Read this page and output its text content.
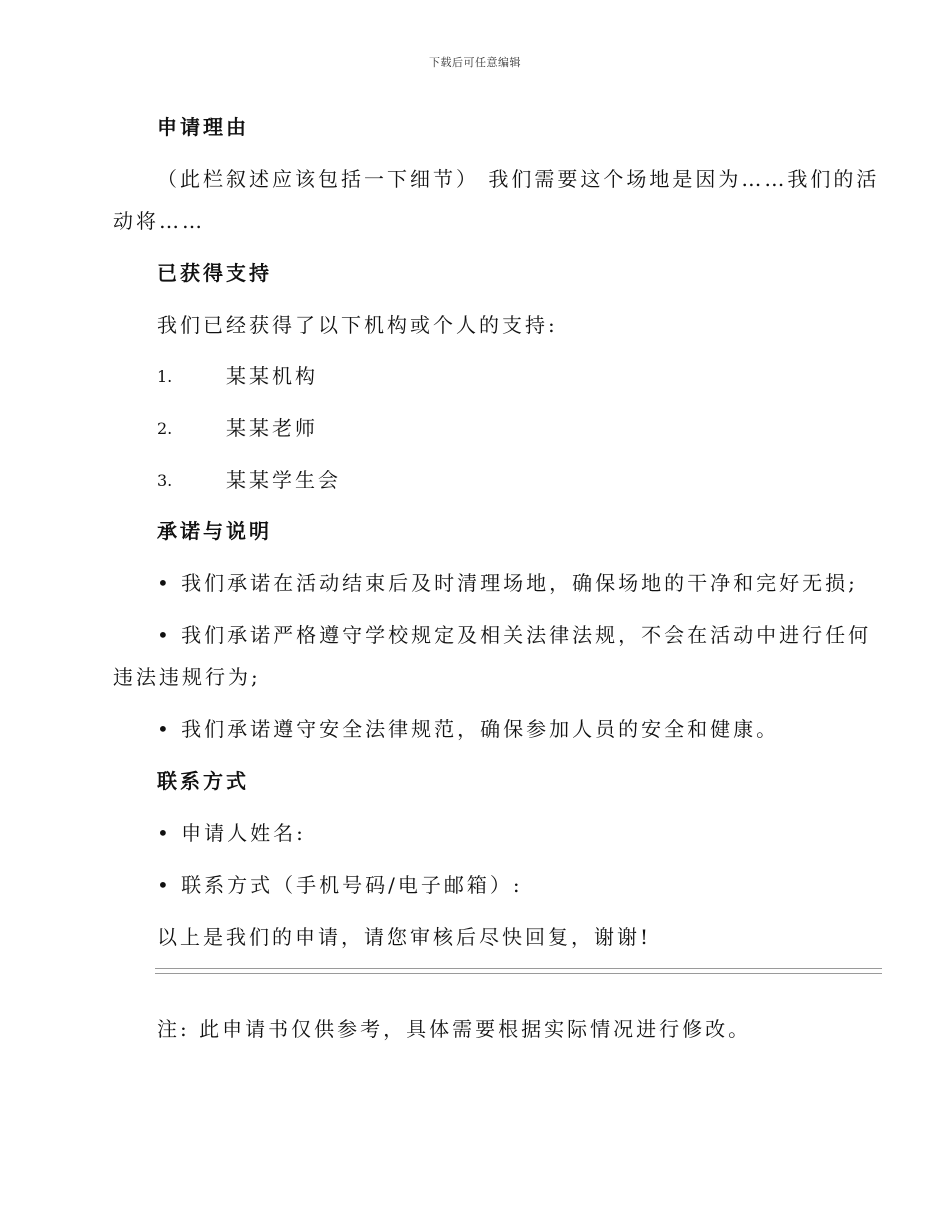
下载后可任意编辑
申请理由
（此栏叙述应该包括一下细节） 我们需要这个场地是因为……我们的活
动将……
已获得支持
我们已经获得了以下机构或个人的支持:
1.	某某机构
2.	某某老师
3.	某某学生会
承诺与说明
• 我们承诺在活动结束后及时清理场地，确保场地的干净和完好无损;
• 我们承诺严格遵守学校规定及相关法律法规，不会在活动中进行任何
违法违规行为;
• 我们承诺遵守安全法律规范，确保参加人员的安全和健康。
联系方式
• 申请人姓名:
• 联系方式（手机号码/电子邮箱）:
以上是我们的申请，请您审核后尽快回复，谢谢!
注: 此申请书仅供参考，具体需要根据实际情况进行修改。
